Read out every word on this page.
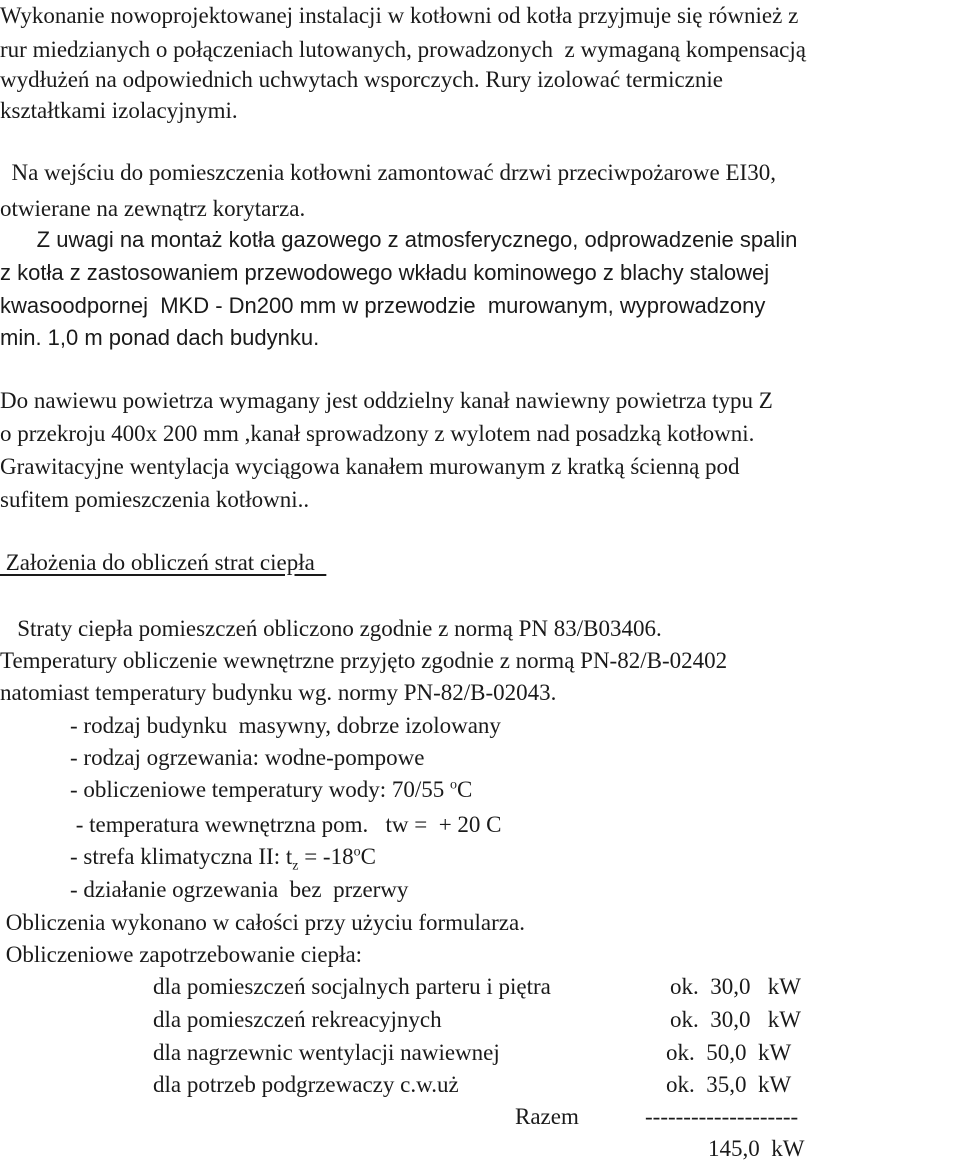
Wykonanie nowoprojektowanej instalacji w kotłowni od kotła przyjmuje się również z
rur miedzianych o połączeniach lutowanych, prowadzonych  z wymaganą kompensacją
wydłużeń na odpowiednich uchwytach wsporczych. Rury izolować termicznie
kształtkami izolacyjnymi.
Na wejściu do pomieszczenia kotłowni zamontować drzwi przeciwpożarowe EI30,
otwierane na zewnątrz korytarza.
Z uwagi na montaż kotła gazowego z atmosferycznego, odprowadzenie spalin
z kotła z zastosowaniem przewodowego wkładu kominowego z blachy stalowej
kwasoodpornej  MKD - Dn200 mm w przewodzie  murowanym, wyprowadzony
min. 1,0 m ponad dach budynku.
Do nawiewu powietrza wymagany jest oddzielny kanał nawiewny powietrza typu Z
o przekroju 400x 200 mm ,kanał sprowadzony z wylotem nad posadzką kotłowni.
Grawitacyjne wentylacja wyciągowa kanałem murowanym z kratką ścienną pod
sufitem pomieszczenia kotłowni..
Założenia do obliczeń strat ciepła
Straty ciepła pomieszczeń obliczono zgodnie z normą PN 83/B03406.
Temperatury obliczenie wewnętrzne przyjęto zgodnie z normą PN-82/B-02402
natomiast temperatury budynku wg. normy PN-82/B-02043.
- rodzaj budynku  masywny, dobrze izolowany
- rodzaj ogrzewania: wodne-pompowe
- obliczeniowe temperatury wody: 70/55 $^o$C
- temperatura wewnętrzna pom.   tw =  + 20 C
- strefa klimatyczna II: $t_z = -18^oC$
- działanie ogrzewania  bez  przerwy
Obliczenia wykonano w całości przy użyciu formularza.
Obliczeniowe zapotrzebowanie ciepła:
dla pomieszczeń socjalnych parteru i piętra	ok.  30,0   kW
dla pomieszczeń rekreacyjnych	ok.  30,0   kW
dla nagrzewnic wentylacji nawiewnej	ok.  50,0  kW
dla potrzeb podgrzewaczy c.w.uż	ok.  35,0  kW
Razem	--------------------
145,0  kW
